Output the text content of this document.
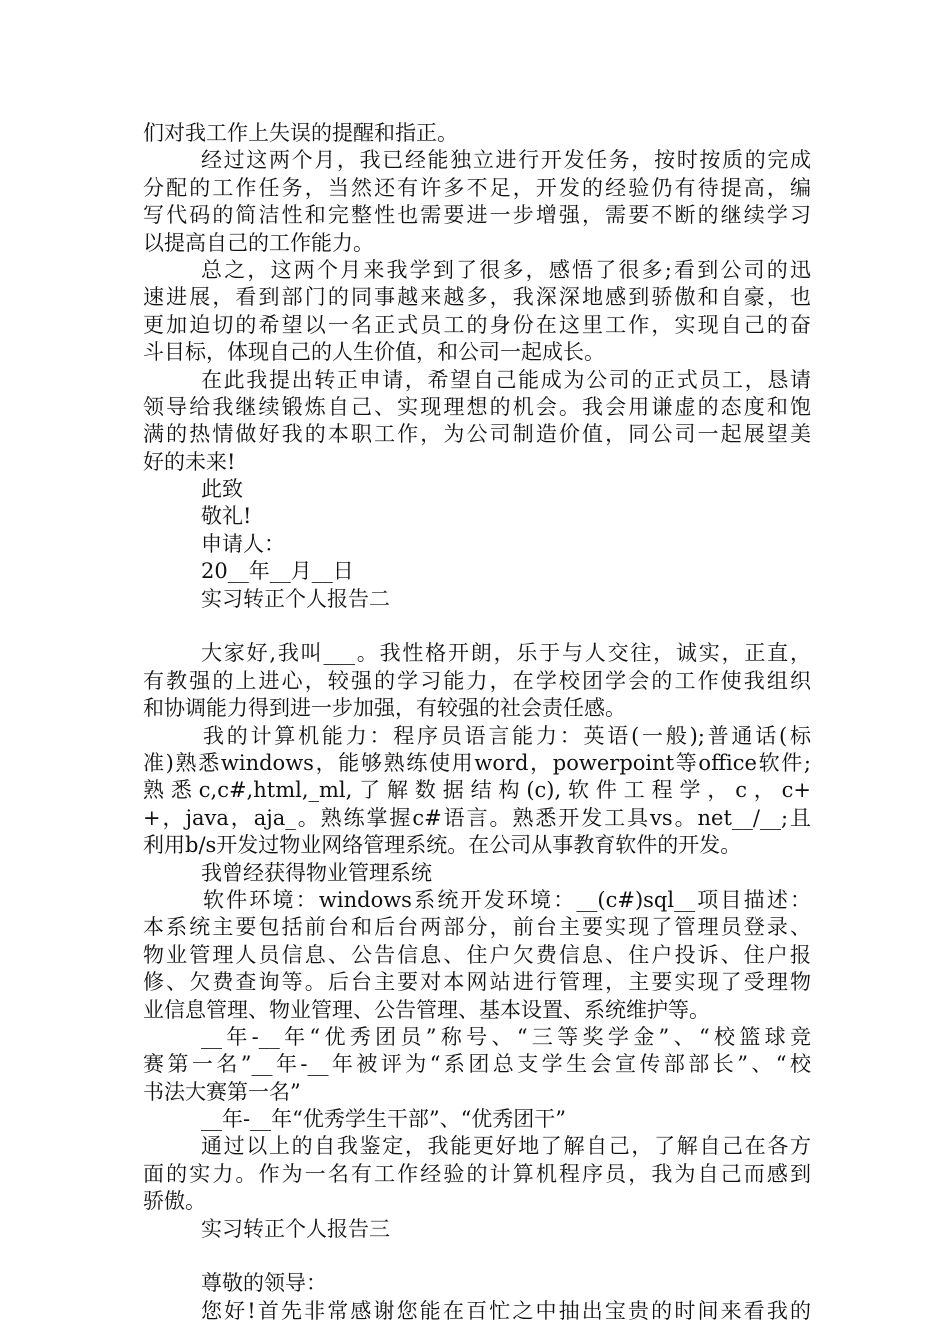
们对我工作上失误的提醒和指正。
经过这两个月，我已经能独立进行开发任务，按时按质的完成
分配的工作任务，当然还有许多不足，开发的经验仍有待提高，编
写代码的简洁性和完整性也需要进一步增强，需要不断的继续学习
以提高自己的工作能力。
总之，这两个月来我学到了很多，感悟了很多;看到公司的迅
速进展，看到部门的同事越来越多，我深深地感到骄傲和自豪，也
更加迫切的希望以一名正式员工的身份在这里工作，实现自己的奋
斗目标，体现自己的人生价值，和公司一起成长。
在此我提出转正申请，希望自己能成为公司的正式员工，恳请
领导给我继续锻炼自己、实现理想的机会。我会用谦虚的态度和饱
满的热情做好我的本职工作，为公司制造价值，同公司一起展望美
好的未来!
此致
敬礼!
申请人：
20__年__月__日
实习转正个人报告二
大家好,我叫___。我性格开朗，乐于与人交往，诚实，正直，
有教强的上进心，较强的学习能力，在学校团学会的工作使我组织
和协调能力得到进一步加强，有较强的社会责任感。
我的计算机能力：程序员语言能力：英语(一般);普通话(标
准)熟悉windows，能够熟练使用word，powerpoint等office软件;
熟 悉 c,c#,html,_ml, 了 解 数 据 结 构 (c), 软 件 工 程 学 ， c ， c+
+，java，aja_。熟练掌握c#语言。熟悉开发工具vs。net__/__;且
利用b/s开发过物业网络管理系统。在公司从事教育软件的开发。
我曾经获得物业管理系统
软件环境：windows系统开发环境：__(c#)sql__项目描述：
本系统主要包括前台和后台两部分，前台主要实现了管理员登录、
物业管理人员信息、公告信息、住户欠费信息、住户投诉、住户报
修、欠费查询等。后台主要对本网站进行管理，主要实现了受理物
业信息管理、物业管理、公告管理、基本设置、系统维护等。
__年-__年“优秀团员”称号、“三等奖学金”、“校篮球竞
赛第一名”__年-__年被评为“系团总支学生会宣传部部长”、“校
书法大赛第一名”
__年-__年“优秀学生干部”、“优秀团干”
通过以上的自我鉴定，我能更好地了解自己，了解自己在各方
面的实力。作为一名有工作经验的计算机程序员，我为自己而感到
骄傲。
实习转正个人报告三
尊敬的领导：
您好!首先非常感谢您能在百忙之中抽出宝贵的时间来看我的
